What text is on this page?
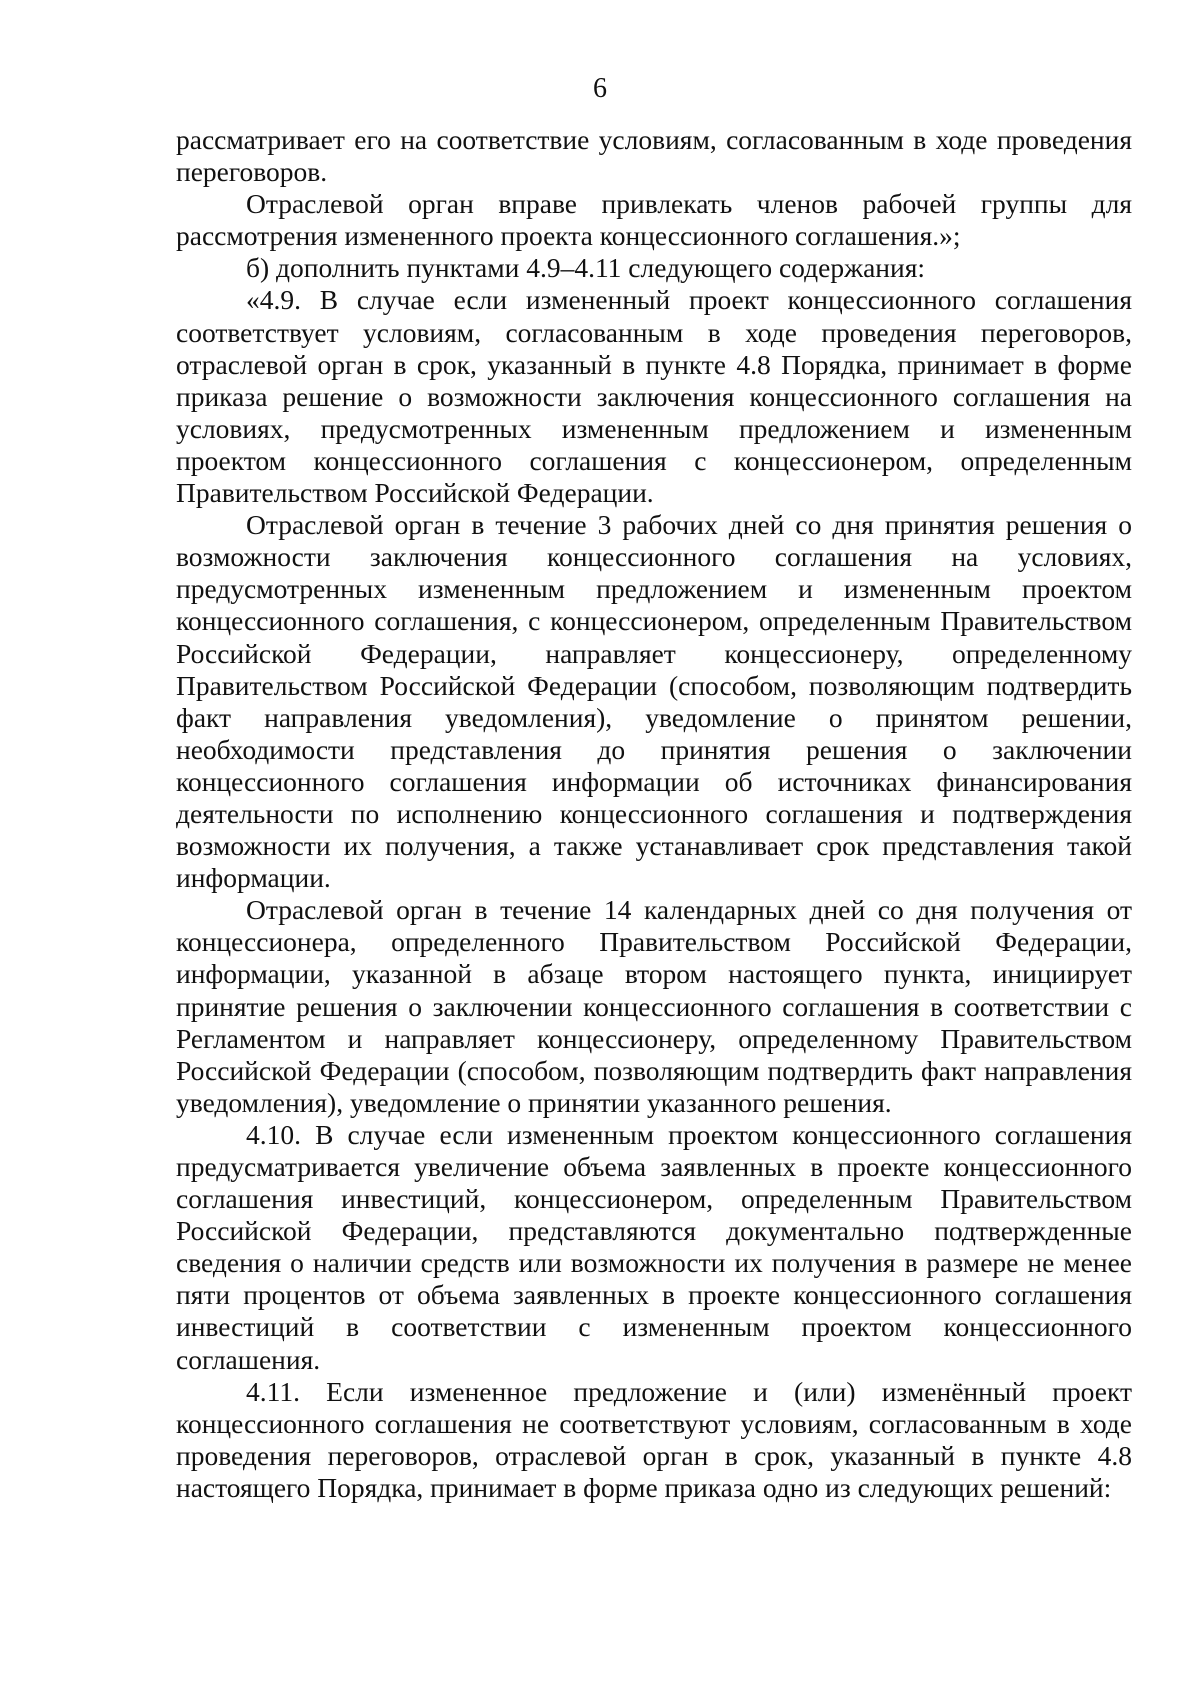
6

рассматривает его на соответствие условиям, согласованным в ходе проведения переговоров.

Отраслевой орган вправе привлекать членов рабочей группы для рассмотрения измененного проекта концессионного соглашения.»;

б) дополнить пунктами 4.9–4.11 следующего содержания:

«4.9. В случае если измененный проект концессионного соглашения соответствует условиям, согласованным в ходе проведения переговоров, отраслевой орган в срок, указанный в пункте 4.8 Порядка, принимает в форме приказа решение о возможности заключения концессионного соглашения на условиях, предусмотренных измененным предложением и измененным проектом концессионного соглашения с концессионером, определенным Правительством Российской Федерации.

Отраслевой орган в течение 3 рабочих дней со дня принятия решения о возможности заключения концессионного соглашения на условиях, предусмотренных измененным предложением и измененным проектом концессионного соглашения, с концессионером, определенным Правительством Российской Федерации, направляет концессионеру, определенному Правительством Российской Федерации (способом, позволяющим подтвердить факт направления уведомления), уведомление о принятом решении, необходимости представления до принятия решения о заключении концессионного соглашения информации об источниках финансирования деятельности по исполнению концессионного соглашения и подтверждения возможности их получения, а также устанавливает срок представления такой информации.

Отраслевой орган в течение 14 календарных дней со дня получения от концессионера, определенного Правительством Российской Федерации, информации, указанной в абзаце втором настоящего пункта, инициирует принятие решения о заключении концессионного соглашения в соответствии с Регламентом и направляет концессионеру, определенному Правительством Российской Федерации (способом, позволяющим подтвердить факт направления уведомления), уведомление о принятии указанного решения.

4.10. В случае если измененным проектом концессионного соглашения предусматривается увеличение объема заявленных в проекте концессионного соглашения инвестиций, концессионером, определенным Правительством Российской Федерации, представляются документально подтвержденные сведения о наличии средств или возможности их получения в размере не менее пяти процентов от объема заявленных в проекте концессионного соглашения инвестиций в соответствии с измененным проектом концессионного соглашения.

4.11. Если измененное предложение и (или) изменённый проект концессионного соглашения не соответствуют условиям, согласованным в ходе проведения переговоров, отраслевой орган в срок, указанный в пункте 4.8 настоящего Порядка, принимает в форме приказа одно из следующих решений:
